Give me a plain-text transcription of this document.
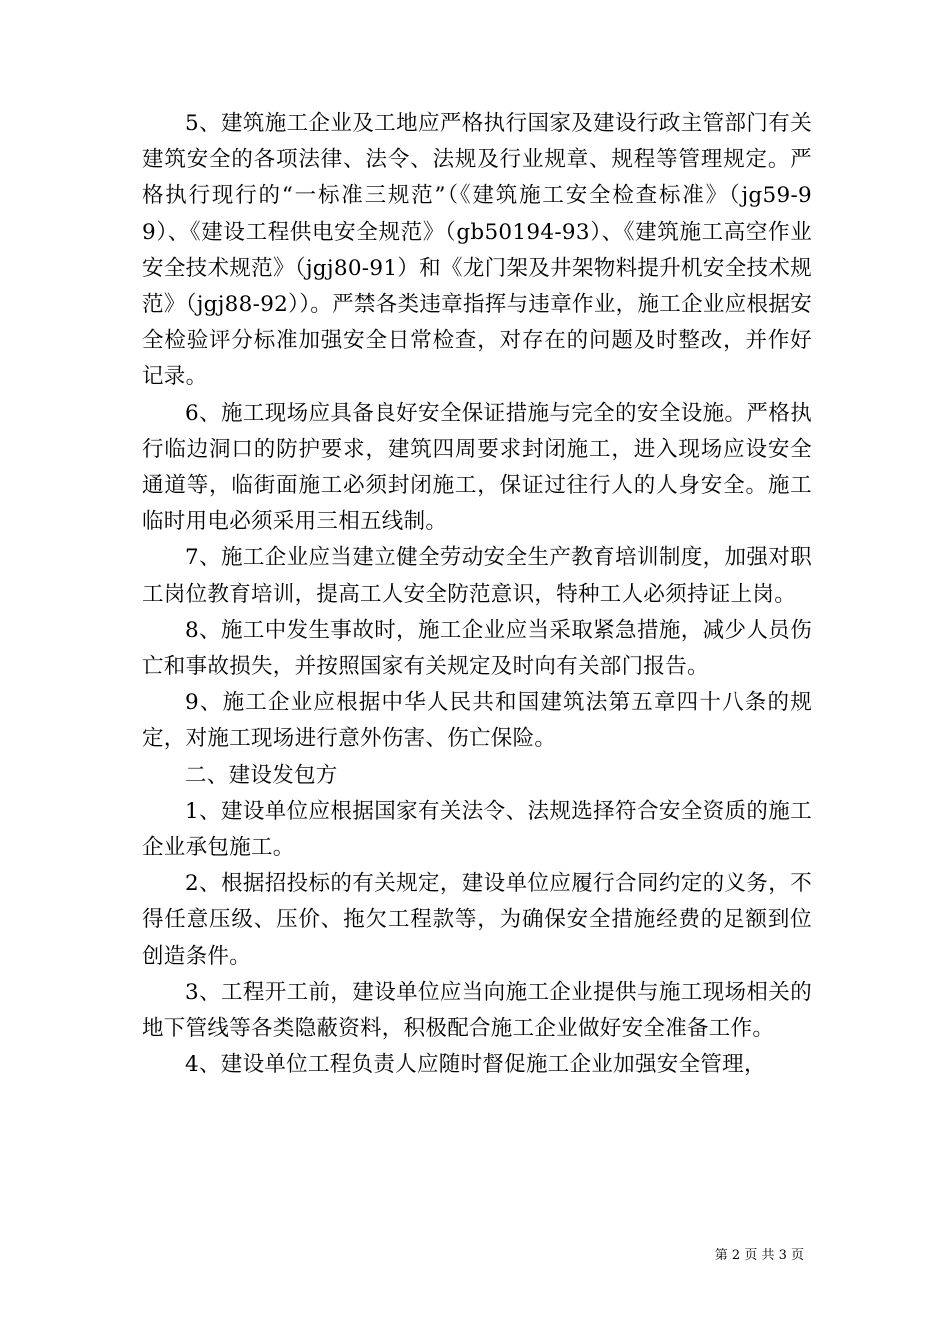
5、建筑施工企业及工地应严格执行国家及建设行政主管部门有关建筑安全的各项法律、法令、法规及行业规章、规程等管理规定。严格执行现行的“一标准三规范”（《建筑施工安全检查标准》（jg59-99）、《建设工程供电安全规范》（gb50194-93）、《建筑施工高空作业安全技术规范》（jgj80-91）和《龙门架及井架物料提升机安全技术规范》（jgj88-92））。严禁各类违章指挥与违章作业，施工企业应根据安全检验评分标准加强安全日常检查，对存在的问题及时整改，并作好记录。

6、施工现场应具备良好安全保证措施与完全的安全设施。严格执行临边洞口的防护要求，建筑四周要求封闭施工，进入现场应设安全通道等，临街面施工必须封闭施工，保证过往行人的人身安全。施工临时用电必须采用三相五线制。

7、施工企业应当建立健全劳动安全生产教育培训制度，加强对职工岗位教育培训，提高工人安全防范意识，特种工人必须持证上岗。

8、施工中发生事故时，施工企业应当采取紧急措施，减少人员伤亡和事故损失，并按照国家有关规定及时向有关部门报告。

9、施工企业应根据中华人民共和国建筑法第五章四十八条的规定，对施工现场进行意外伤害、伤亡保险。

二、建设发包方

1、建设单位应根据国家有关法令、法规选择符合安全资质的施工企业承包施工。

2、根据招投标的有关规定，建设单位应履行合同约定的义务，不得任意压级、压价、拖欠工程款等，为确保安全措施经费的足额到位创造条件。

3、工程开工前，建设单位应当向施工企业提供与施工现场相关的地下管线等各类隐蔽资料，积极配合施工企业做好安全准备工作。

4、建设单位工程负责人应随时督促施工企业加强安全管理，

第 2 页 共 3 页
